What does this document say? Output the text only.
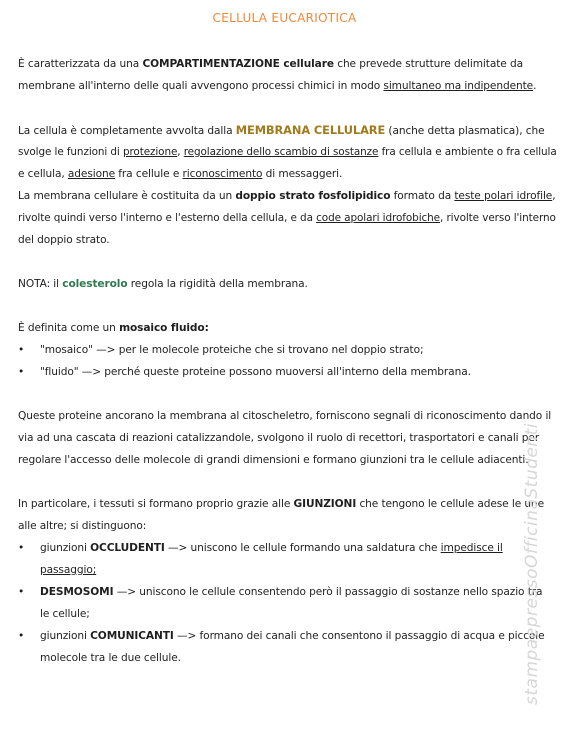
CELLULA EUCARIOTICA
È caratterizzata da una COMPARTIMENTAZIONE cellulare che prevede strutture delimitate da
membrane all'interno delle quali avvengono processi chimici in modo simultaneo ma indipendente.
La cellula è completamente avvolta dalla MEMBRANA CELLULARE (anche detta plasmatica), che
svolge le funzioni di protezione, regolazione dello scambio di sostanze fra cellula e ambiente o fra cellula
e cellula, adesione fra cellule e riconoscimento di messaggeri.
La membrana cellulare è costituita da un doppio strato fosfolipidico formato da teste polari idrofile,
rivolte quindi verso l'interno e l'esterno della cellula, e da code apolari idrofobiche, rivolte verso l'interno
del doppio strato.
NOTA: il colesterolo regola la rigidità della membrana.
È definita come un mosaico fluido:
• "mosaico" —> per le molecole proteiche che si trovano nel doppio strato;
• "fluido" —> perché queste proteine possono muoversi all'interno della membrana.
Queste proteine ancorano la membrana al citoscheletro, forniscono segnali di riconoscimento dando il
via ad una cascata di reazioni catalizzandole, svolgono il ruolo di recettori, trasportatori e canali per
regolare l'accesso delle molecole di grandi dimensioni e formano giunzioni tra le cellule adiacenti.
In particolare, i tessuti si formano proprio grazie alle GIUNZIONI che tengono le cellule adese le une
alle altre; si distinguono:
• giunzioni OCCLUDENTI —> uniscono le cellule formando una saldatura che impedisce il
passaggio;
• DESMOSOMI —> uniscono le cellule consentendo però il passaggio di sostanze nello spazio tra
le cellule;
• giunzioni COMUNICANTI —> formano dei canali che consentono il passaggio di acqua e piccole
molecole tra le due cellule.	stampaepressoOfficinaStudenti
